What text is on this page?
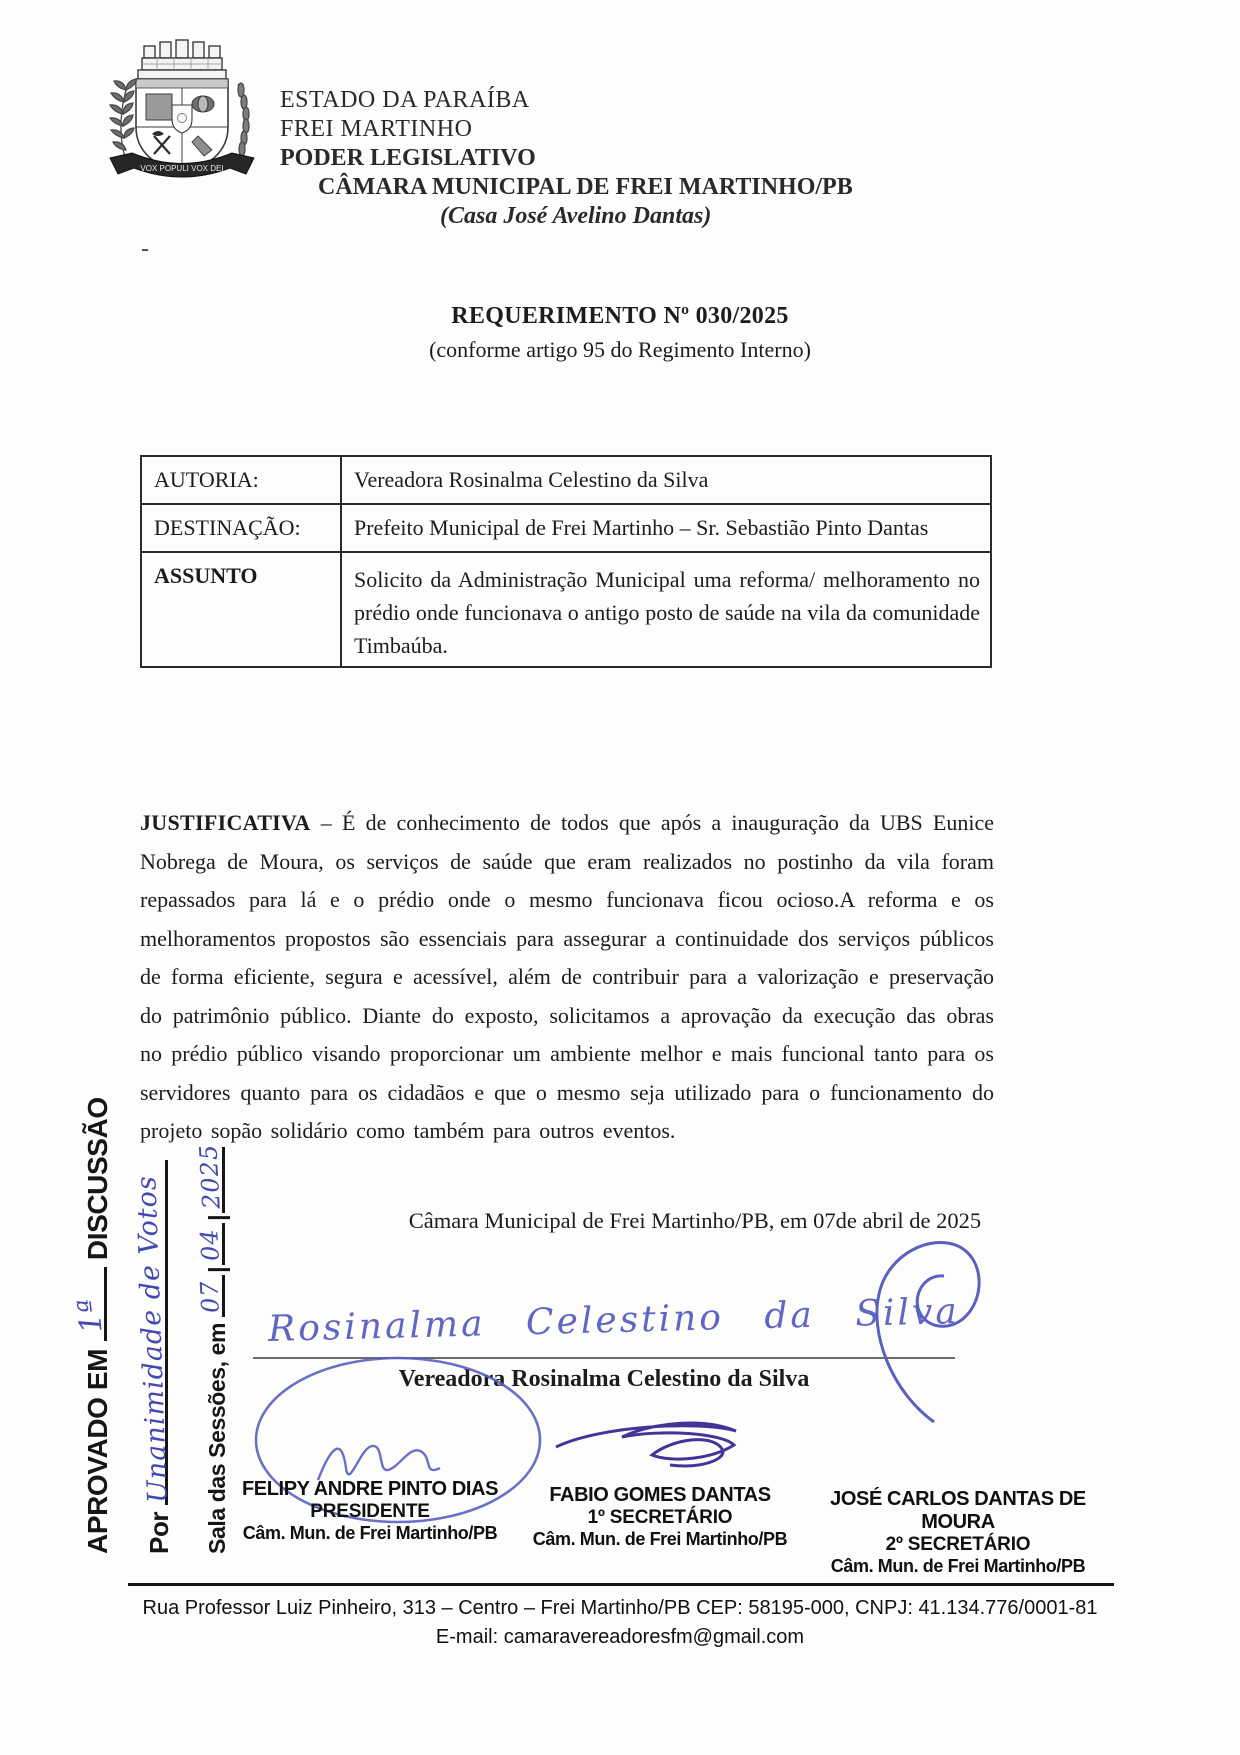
VOX POPULI VOX DEI
ESTADO DA PARAÍBA
FREI MARTINHO
PODER LEGISLATIVO
CÂMARA MUNICIPAL DE FREI MARTINHO/PB
(Casa José Avelino Dantas)
-
REQUERIMENTO Nº 030/2025
(conforme artigo 95 do Regimento Interno)
AUTORIA:	Vereadora Rosinalma Celestino da Silva
DESTINAÇÃO:	Prefeito Municipal de Frei Martinho – Sr. Sebastião Pinto Dantas
ASSUNTO	Solicito da Administração Municipal uma reforma/ melhoramento no prédio onde funcionava o antigo posto de saúde na vila da comunidade Timbaúba.

JUSTIFICATIVA – É de conhecimento de todos que após a inauguração da UBS Eunice Nobrega de Moura, os serviços de saúde que eram realizados no postinho da vila foram repassados para lá e o prédio onde o mesmo funcionava ficou ocioso.A reforma e os melhoramentos propostos são essenciais para assegurar a continuidade dos serviços públicos de forma eficiente, segura e acessível, além de contribuir para a valorização e preservação do patrimônio público. Diante do exposto, solicitamos a aprovação da execução das obras no prédio público visando proporcionar um ambiente melhor e mais funcional tanto para os servidores quanto para os cidadãos e que o mesmo seja utilizado para o funcionamento do projeto sopão solidário como também para outros eventos.

Câmara Municipal de Frei Martinho/PB, em 07de abril de 2025
APROVADO EM
1ª
DISCUSSÃO
Por
Unanimidade de Votos Sala das Sessões, em
07
|
04
|
2025
Rosinalma Celestino da Silva
Vereadora Rosinalma Celestino da Silva
FELIPY ANDRE PINTO DIAS
PRESIDENTE
Câm. Mun. de Frei Martinho/PB
FABIO GOMES DANTAS
1º SECRETÁRIO
Câm. Mun. de Frei Martinho/PB
JOSÉ CARLOS DANTAS DE MOURA
2º SECRETÁRIO
Câm. Mun. de Frei Martinho/PB
Rua Professor Luiz Pinheiro, 313 – Centro – Frei Martinho/PB CEP: 58195-000, CNPJ: 41.134.776/0001-81
E-mail: camaravereadoresfm@gmail.com
